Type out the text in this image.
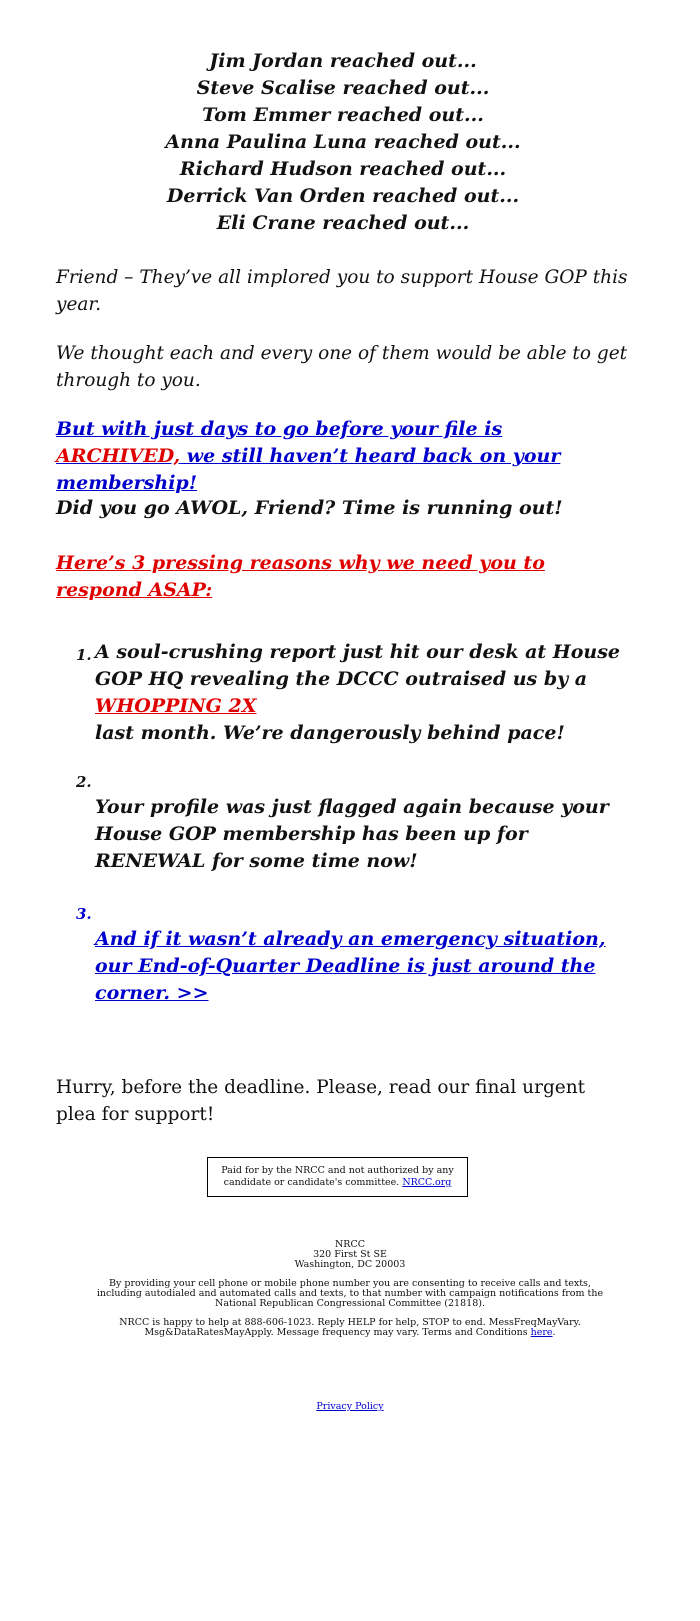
Jim Jordan reached out...
Steve Scalise reached out...
Tom Emmer reached out...
Anna Paulina Luna reached out...
Richard Hudson reached out...
Derrick Van Orden reached out...
Eli Crane reached out...
Friend – They’ve all implored you to support House GOP this year.
We thought each and every one of them would be able to get through to you.
But with just days to go before your file is ARCHIVED, we still haven’t heard back on your membership!
Did you go AWOL, Friend? Time is running out!
Here’s 3 pressing reasons why we need you to respond ASAP:
1. A soul-crushing report just hit our desk at House GOP HQ revealing the DCCC outraised us by a WHOPPING 2X
last month. We’re dangerously behind pace!
2.
Your profile was just flagged again because your House GOP membership has been up for RENEWAL for some time now!
3.
And if it wasn’t already an emergency situation, our End-of-Quarter Deadline is just around the corner. >>
Hurry, before the deadline. Please, read our final urgent plea for support!
Paid for by the NRCC and not authorized by any candidate or candidate's committee. NRCC.org
NRCC
320 First St SE
Washington, DC 20003
By providing your cell phone or mobile phone number you are consenting to receive calls and texts, including autodialed and automated calls and texts, to that number with campaign notifications from the National Republican Congressional Committee (21818).
NRCC is happy to help at 888-606-1023. Reply HELP for help, STOP to end. MessFreqMayVary. Msg&DataRatesMayApply. Message frequency may vary. Terms and Conditions here.
Privacy Policy
